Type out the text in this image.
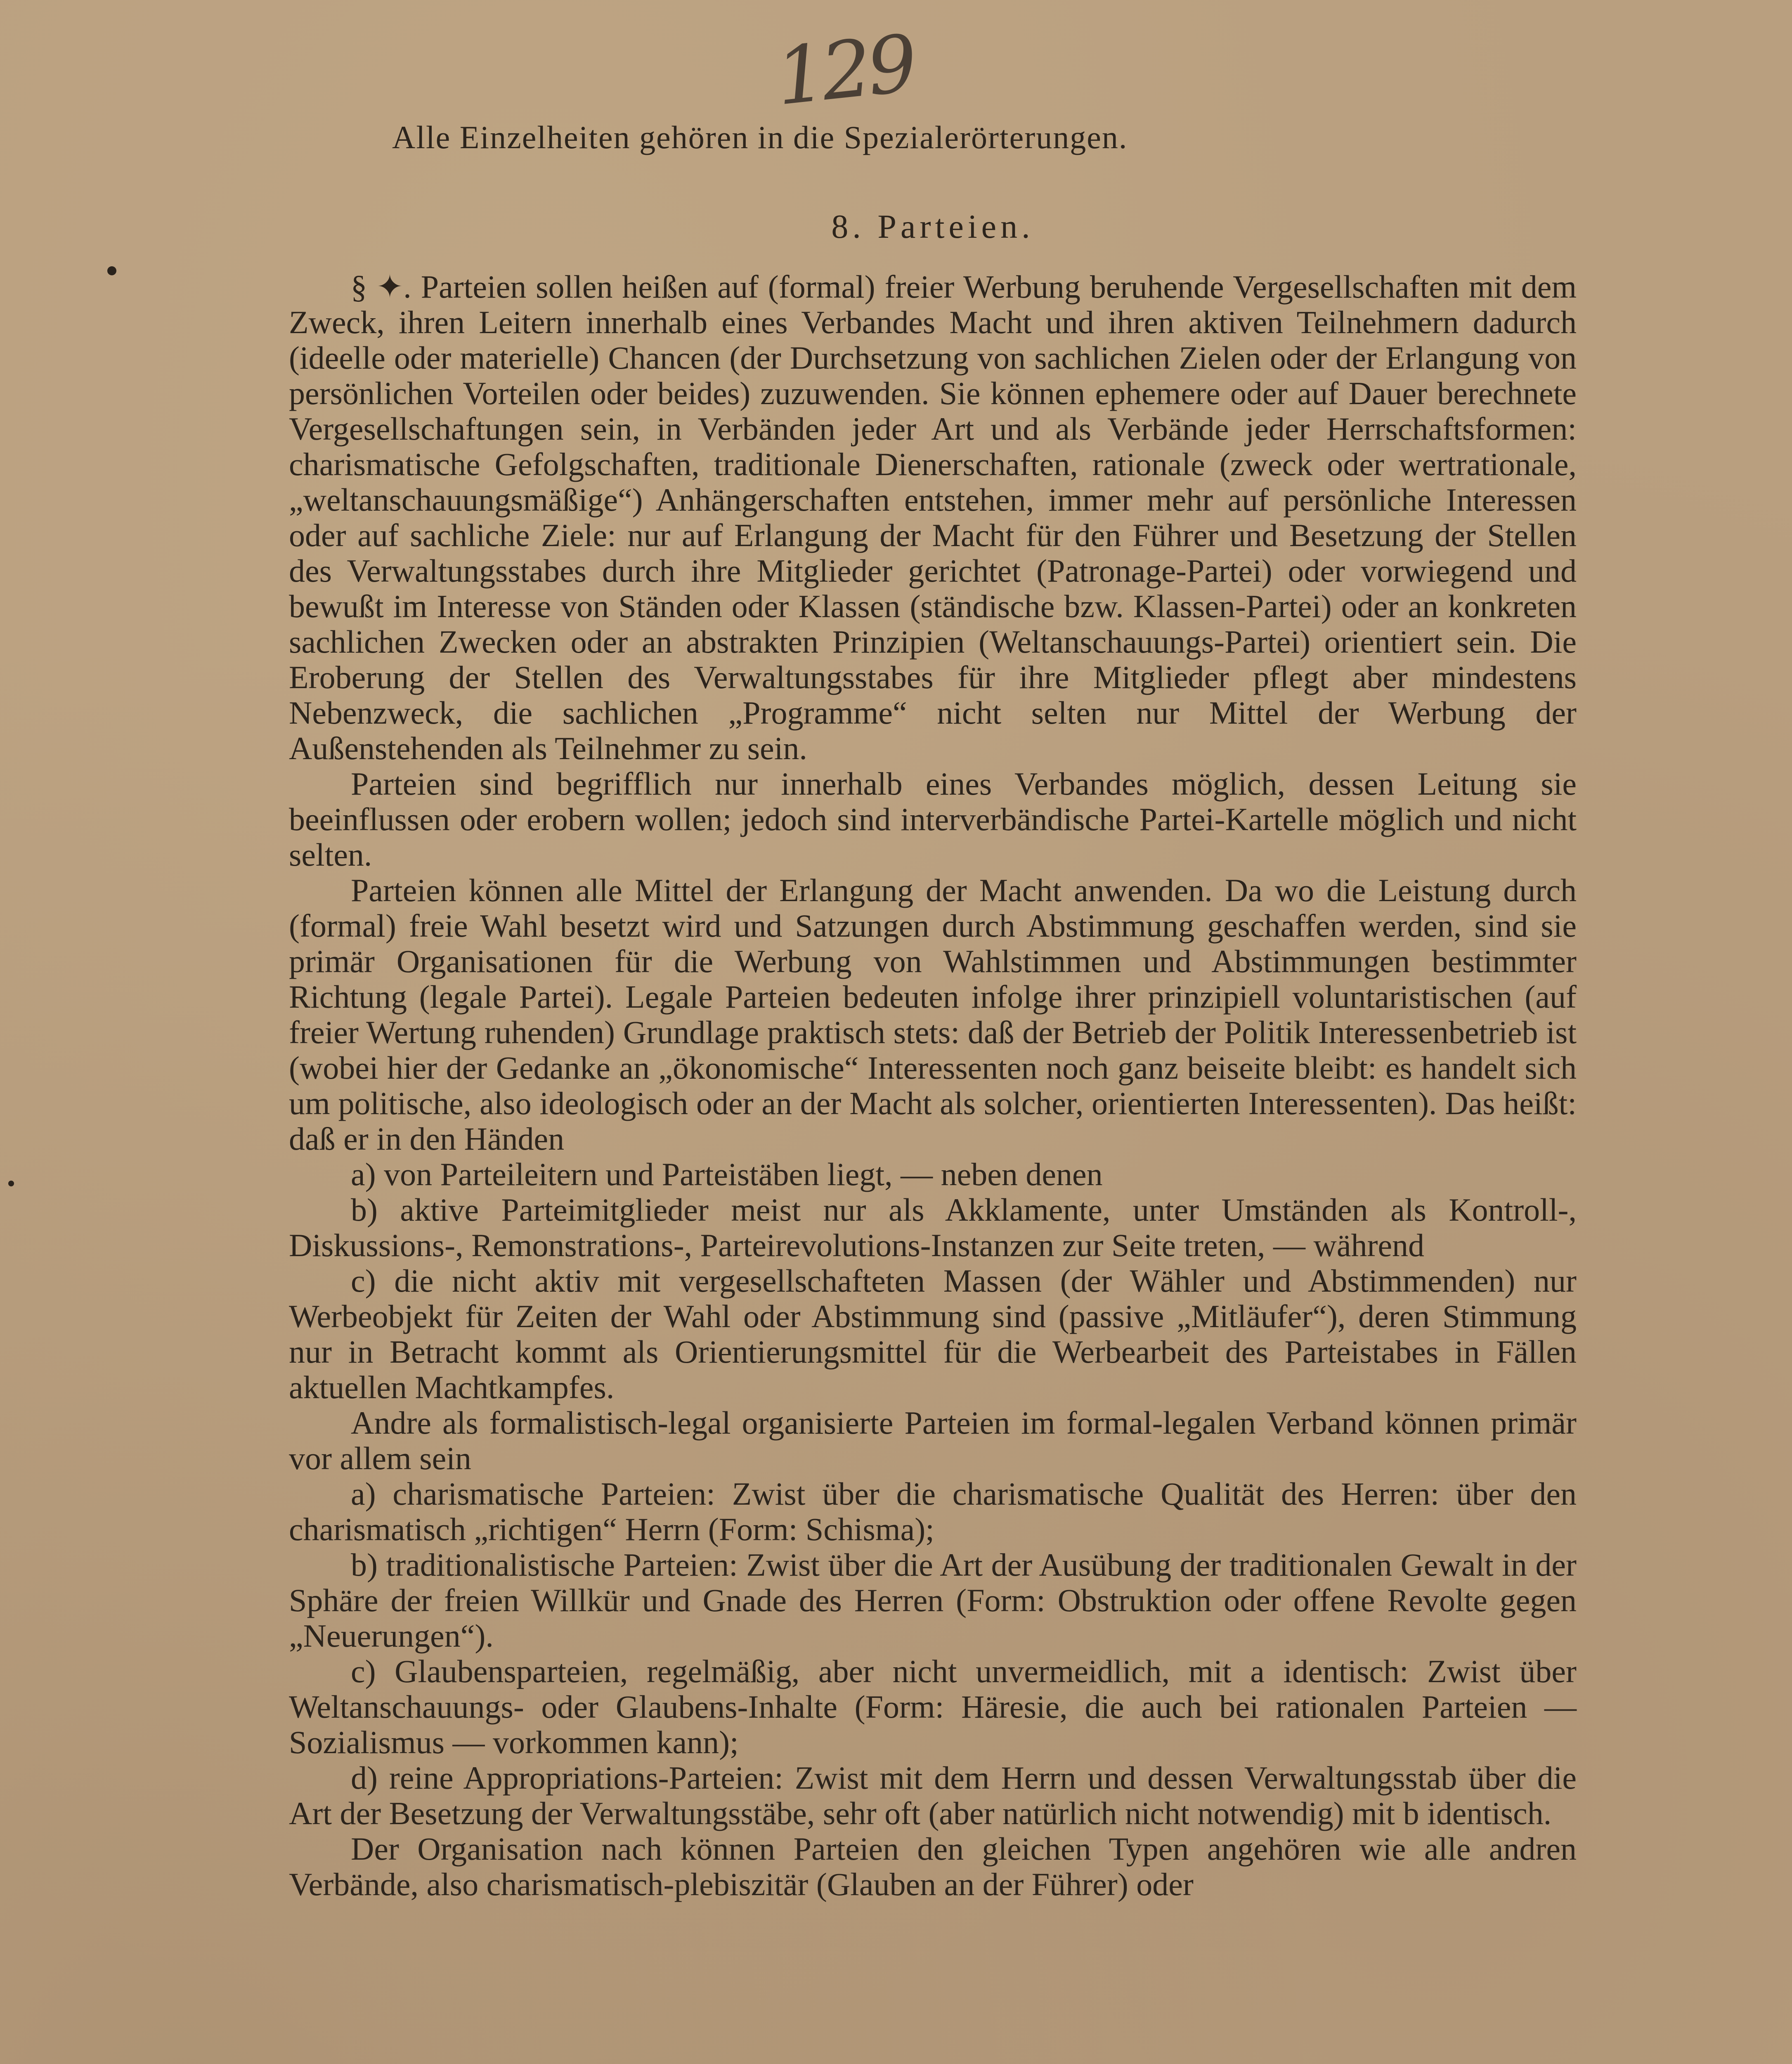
129
Alle Einzelheiten gehören in die Spezialerörterungen.
8. Parteien.

§ ✦. Parteien sollen heißen auf (formal) freier Werbung beruhende Vergesellschaften mit dem Zweck, ihren Leitern innerhalb eines Verbandes Macht und ihren aktiven Teilnehmern dadurch (ideelle oder materielle) Chancen (der Durchsetzung von sachlichen Zielen oder der Erlangung von persönlichen Vorteilen oder beides) zuzuwenden. Sie können ephemere oder auf Dauer berechnete Vergesellschaftungen sein, in Verbänden jeder Art und als Verbände jeder Herrschaftsformen: charismatische Gefolgschaften, traditionale Dienerschaften, rationale (zweck oder wertrationale, „weltanschauungsmäßige“) Anhängerschaften entstehen, immer mehr auf persönliche Interessen oder auf sachliche Ziele: nur auf Erlangung der Macht für den Führer und Besetzung der Stellen des Verwaltungsstabes durch ihre Mitglieder gerichtet (Patronage-Partei) oder vorwiegend und bewußt im Interesse von Ständen oder Klassen (ständische bzw. Klassen-Partei) oder an konkreten sachlichen Zwecken oder an abstrakten Prinzipien (Weltanschauungs-Partei) orientiert sein. Die Eroberung der Stellen des Verwaltungsstabes für ihre Mitglieder pflegt aber mindestens Nebenzweck, die sachlichen „Programme“ nicht selten nur Mittel der Werbung der Außenstehenden als Teilnehmer zu sein.

Parteien sind begrifflich nur innerhalb eines Verbandes möglich, dessen Leitung sie beeinflussen oder erobern wollen; jedoch sind interverbändische Partei-Kartelle möglich und nicht selten.

Parteien können alle Mittel der Erlangung der Macht anwenden. Da wo die Leistung durch (formal) freie Wahl besetzt wird und Satzungen durch Abstimmung geschaffen werden, sind sie primär Organisationen für die Werbung von Wahlstimmen und Abstimmungen bestimmter Richtung (legale Partei). Legale Parteien bedeuten infolge ihrer prinzipiell voluntaristischen (auf freier Wertung ruhenden) Grundlage praktisch stets: daß der Betrieb der Politik Interessenbetrieb ist (wobei hier der Gedanke an „ökonomische“ Interessenten noch ganz beiseite bleibt: es handelt sich um politische, also ideologisch oder an der Macht als solcher, orientierten Interessenten). Das heißt: daß er in den Händen

a) von Parteileitern und Parteistäben liegt, — neben denen

b) aktive Parteimitglieder meist nur als Akklamente, unter Umständen als Kontroll-, Diskussions-, Remonstrations-, Parteirevolutions-Instanzen zur Seite treten, — während

c) die nicht aktiv mit vergesellschafteten Massen (der Wähler und Abstimmenden) nur Werbeobjekt für Zeiten der Wahl oder Abstimmung sind (passive „Mitläufer“), deren Stimmung nur in Betracht kommt als Orientierungsmittel für die Werbearbeit des Parteistabes in Fällen aktuellen Machtkampfes.

Andre als formalistisch-legal organisierte Parteien im formal-legalen Verband können primär vor allem sein

a) charismatische Parteien: Zwist über die charismatische Qualität des Herren: über den charismatisch „richtigen“ Herrn (Form: Schisma);

b) traditionalistische Parteien: Zwist über die Art der Ausübung der traditionalen Gewalt in der Sphäre der freien Willkür und Gnade des Herren (Form: Obstruktion oder offene Revolte gegen „Neuerungen“).

c) Glaubensparteien, regelmäßig, aber nicht unvermeidlich, mit a identisch: Zwist über Weltanschauungs- oder Glaubens-Inhalte (Form: Häresie, die auch bei rationalen Parteien — Sozialismus — vorkommen kann);

d) reine Appropriations-Parteien: Zwist mit dem Herrn und dessen Verwaltungsstab über die Art der Besetzung der Verwaltungsstäbe, sehr oft (aber natürlich nicht notwendig) mit b identisch.

Der Organisation nach können Parteien den gleichen Typen angehören wie alle andren Verbände, also charismatisch-plebiszitär (Glauben an der Führer) oder
